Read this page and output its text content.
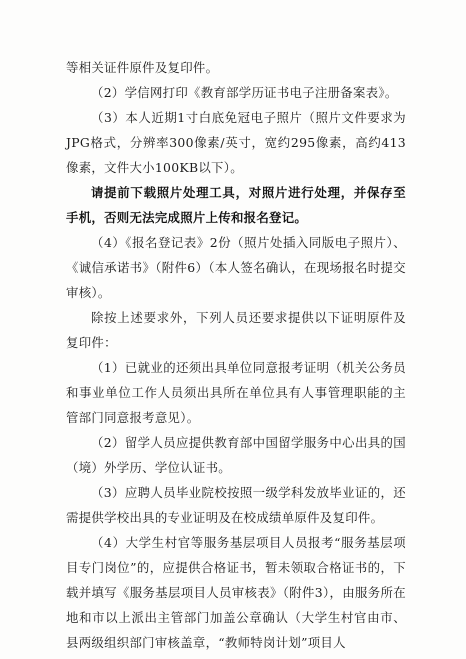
等相关证件原件及复印件。

（2）学信网打印《教育部学历证书电子注册备案表》。

（3）本人近期1寸白底免冠电子照片（照片文件要求为JPG格式，分辨率300像素/英寸，宽约295像素，高约413像素，文件大小100KB以下）。

请提前下载照片处理工具，对照片进行处理，并保存至手机，否则无法完成照片上传和报名登记。

（4）《报名登记表》2份（照片处插入同版电子照片）、《诚信承诺书》（附件6）（本人签名确认，在现场报名时提交审核）。

除按上述要求外，下列人员还要求提供以下证明原件及复印件：

（1）已就业的还须出具单位同意报考证明（机关公务员和事业单位工作人员须出具所在单位具有人事管理职能的主管部门同意报考意见）。

（2）留学人员应提供教育部中国留学服务中心出具的国（境）外学历、学位认证书。

（3）应聘人员毕业院校按照一级学科发放毕业证的，还需提供学校出具的专业证明及在校成绩单原件及复印件。

（4）大学生村官等服务基层项目人员报考“服务基层项目专门岗位”的，应提供合格证书，暂未领取合格证书的，下载并填写《服务基层项目人员审核表》（附件3），由服务所在地和市以上派出主管部门加盖公章确认（大学生村官由市、县两级组织部门审核盖章，“教师特岗计划”项目人
